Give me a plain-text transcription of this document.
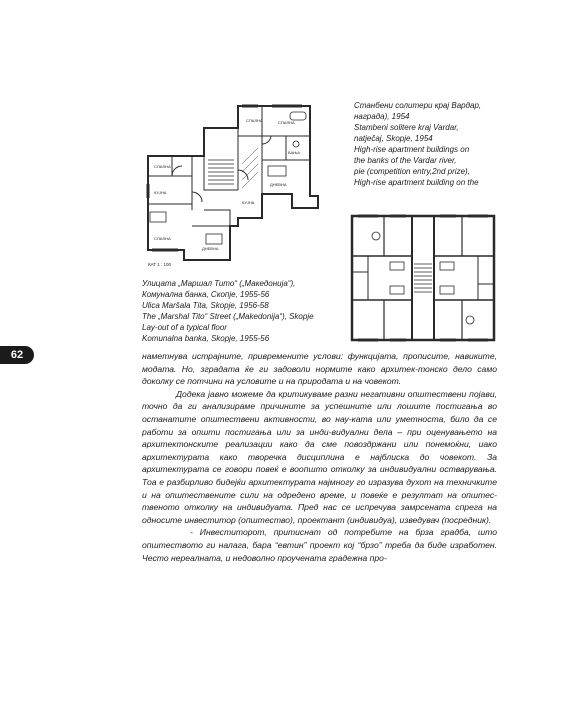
СПАЛНА	СПАЛНА
СПАЛНА
СПАЛНА
ДНЕВНА
ДНЕВНА
КУЈНА
КУЈНА
БАЊА
КАТ 1 : 100
Станбени солитери крај Вардар,
награда), 1954
Stambeni solitere kraj Vardar,
natječaj, Skopje, 1954
High-rise apartment buildings on
the banks of the Vardar river,
pie (competition entry,2nd prize),
High-rise apartment building on the
Улицата „Маршал Тито“ („Македонија“),
Комунална банка, Скопје, 1955-56
Ulica Maršala Tita, Skopje, 1956-58
The „Marshal Tito“ Street („Makedonija“), Skopje
Lay-out of a typical floor
Komunalna banka, Skopje, 1955-56
62	наметнува истрајните, привремените услови: функцијата, прописите, навиките, модата. Но, зградата ќе ги задоволи нормите како архитек-тонско дело само доколку се потчини на условите и на природата и на човекот.

Додека јавно можеме да критикуваме разни негативни општествени појави, точно да ги анализираме причините за успешните или лошите постигања во останатите општествени активности, во нау-ката или уметноста, било да се работи за општи постигања или за инди-видуални дела – при оценувањето на архитектонските реализации како да сме повоздржани или понемоќни, иако архитектурата како творечка дисциплина е најблиска до човекот. За архитектурата се говори повеќ е воопшто отколку за индивидуални остварувања. Тоа е разбирливо бидејќи архитектурата најмногу го изразува духот на техничките и на општествените сили на одредено време, и повеќе е резултат на општес-твеното отколку на индивидуата. Пред нас се испречува замрсената спрега на односите инвеститор (општество), проектант (индивидуа), изведувач (посредник).

- Инвеститорот, притиснат од потребите на брза градба, што општеството ги налага, бара “евтин” проект кој “брзо” треба да биде изработен. Често нереалната, и недоволно проучената градежна про-
